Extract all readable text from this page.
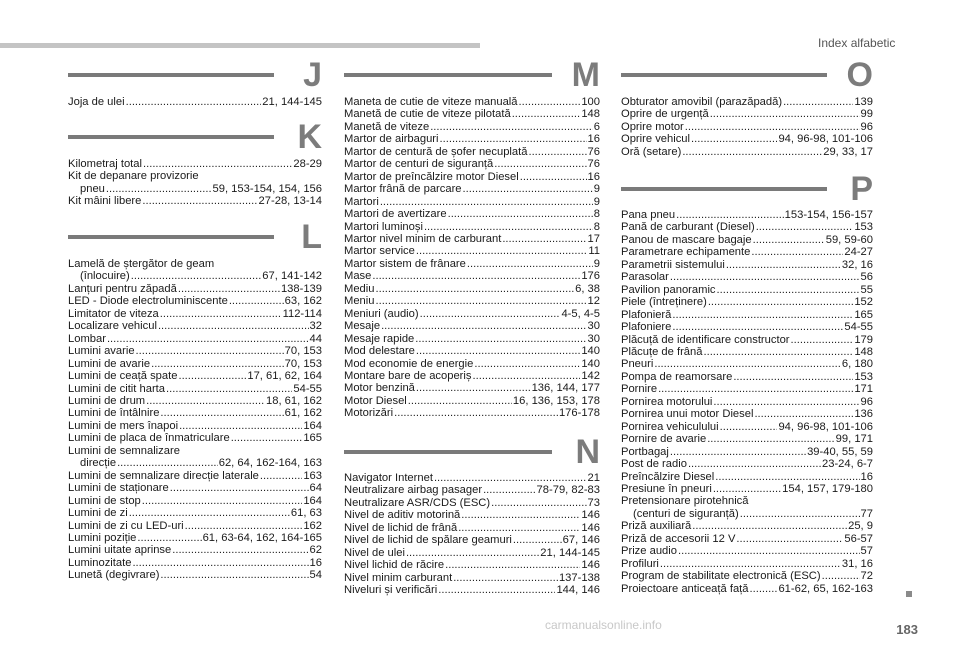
Index alfabetic
J
Joja de ulei .....	21, 144-145
K
Kilometraj total .....	28-29
Kit de depanare provizorie
pneu .....	59, 153-154, 154, 156
Kit mâini libere .....	27-28, 13-14
L
Lamelă de ștergător de geam
(înlocuire) .....	67, 141-142
Lanțuri pentru zăpadă .....	138-139
LED - Diode electroluminiscente .....	63, 162
Limitator de viteza .....	112-114
Localizare vehicul .....	32
Lombar .....	44
Lumini avarie .....	70, 153
Lumini de avarie .....	70, 153
Lumini de ceață spate .....	17, 61, 62, 164
Lumini de citit harta .....	54-55
Lumini de drum .....	18, 61, 162
Lumini de întâlnire .....	61, 162
Lumini de mers înapoi .....	164
Lumini de placa de înmatriculare .....	165
Lumini de semnalizare
direcție .....	62, 64, 162-164, 163
Lumini de semnalizare direcție laterale .....	163
Lumini de staționare .....	64
Lumini de stop .....	164
Lumini de zi .....	61, 63
Lumini de zi cu LED-uri .....	162
Lumini poziție .....	61, 63-64, 162, 164-165
Lumini uitate aprinse .....	62
Luminozitate .....	16
Lunetă (degivrare) .....	54
M
Maneta de cutie de viteze manuală .....	100
Manetă de cutie de viteze pilotată .....	148
Manetă de viteze .....	6
Martor de airbaguri .....	16
Martor de centură de șofer necuplată .....	76
Martor de centuri de siguranță .....	76
Martor de preîncălzire motor Diesel .....	16
Martor frână de parcare .....	9
Martori .....	9
Martori de avertizare .....	8
Martori luminoși .....	8
Martor nivel minim de carburant .....	17
Martor service .....	11
Martor sistem de frânare .....	9
Mase .....	176
Mediu .....	6, 38
Meniu .....	12
Meniuri (audio) .....	4-5, 4-5
Mesaje .....	30
Mesaje rapide .....	30
Mod delestare .....	140
Mod economie de energie .....	140
Montare bare de acoperiș .....	142
Motor benzină .....	136, 144, 177
Motor Diesel .....	16, 136, 153, 178
Motorizări .....	176-178
N
Navigator Internet .....	21
Neutralizare airbag pasager .....	78-79, 82-83
Neutralizare ASR/CDS (ESC) .....	73
Nivel de aditiv motorină .....	146
Nivel de lichid de frână .....	146
Nivel de lichid de spălare geamuri .....	67, 146
Nivel de ulei .....	21, 144-145
Nivel lichid de răcire .....	146
Nivel minim carburant .....	137-138
Niveluri și verificări .....	144, 146
O
Obturator amovibil (parazăpadă) .....	139
Oprire de urgență .....	99
Oprire motor .....	96
Oprire vehicul .....	94, 96-98, 101-106
Oră (setare) .....	29, 33, 17
P
Pana pneu .....	153-154, 156-157
Pană de carburant (Diesel) .....	153
Panou de mascare bagaje .....	59, 59-60
Parametrare echipamente .....	24-27
Parametrii sistemului .....	32, 16
Parasolar .....	56
Pavilion panoramic .....	55
Piele (întreținere) .....	152
Plafonieră .....	165
Plafoniere .....	54-55
Plăcuță de identificare constructor .....	179
Plăcuțe de frână .....	148
Pneuri .....	6, 180
Pompa de reamorsare .....	153
Pornire .....	171
Pornirea motorului .....	96
Pornirea unui motor Diesel .....	136
Pornirea vehiculului .....	94, 96-98, 101-106
Pornire de avarie .....	99, 171
Portbagaj .....	39-40, 55, 59
Post de radio .....	23-24, 6-7
Preîncălzire Diesel .....	16
Presiune în pneuri .....	154, 157, 179-180
Pretensionare pirotehnică
(centuri de siguranță) .....	77
Priză auxiliară .....	25, 9
Priză de accesorii 12 V .....	56-57
Prize audio .....	57
Profiluri .....	31, 16
Program de stabilitate electronică (ESC) .....	72
Proiectoare anticeață față .....	61-62, 65, 162-163
183
carmanualsonline.info
